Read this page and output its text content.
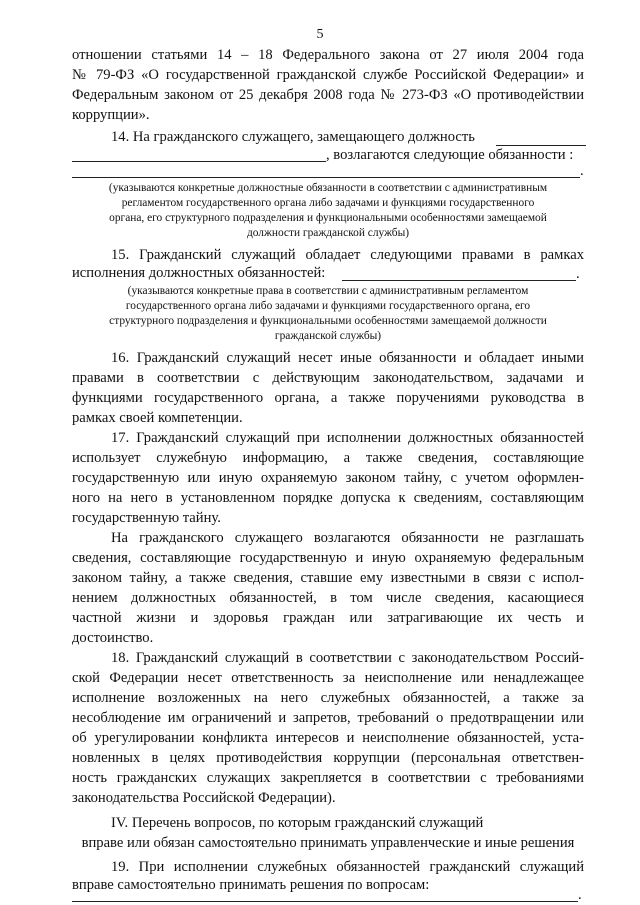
5
отношении статьями 14 – 18 Федерального закона от 27 июля 2004 года
№ 79-ФЗ «О государственной гражданской службе Российской Федерации» и
Федеральным законом от 25 декабря 2008 года № 273-ФЗ «О противодействии
коррупции».
14. На гражданского служащего, замещающего должность
, возлагаются следующие обязанности :
.
(указываются конкретные должностные обязанности в соответствии с административным
регламентом государственного органа либо задачами и функциями государственного
органа, его структурного подразделения и функциональными особенностями замещаемой
должности гражданской службы)
15. Гражданский служащий обладает следующими правами в рамках
исполнения должностных обязанностей:	.
(указываются конкретные права в соответствии с административным регламентом
государственного органа либо задачами и функциями государственного органа, его
структурного подразделения и функциональными особенностями замещаемой должности
гражданской службы)
16. Гражданский служащий несет иные обязанности и обладает иными
правами в соответствии с действующим законодательством, задачами и
функциями государственного органа, а также поручениями руководства в
рамках своей компетенции.
17. Гражданский служащий при исполнении должностных обязанностей
использует служебную информацию, а также сведения, составляющие
государственную или иную охраняемую законом тайну, с учетом оформлен-
ного на него в установленном порядке допуска к сведениям, составляющим
государственную тайну.
На гражданского служащего возлагаются обязанности не разглашать
сведения, составляющие государственную и иную охраняемую федеральным
законом тайну, а также сведения, ставшие ему известными в связи с испол-
нением должностных обязанностей, в том числе сведения, касающиеся
частной жизни и здоровья граждан или затрагивающие их честь и
достоинство.
18. Гражданский служащий в соответствии с законодательством Россий-
ской Федерации несет ответственность за неисполнение или ненадлежащее
исполнение возложенных на него служебных обязанностей, а также за
несоблюдение им ограничений и запретов, требований о предотвращении или
об урегулировании конфликта интересов и неисполнение обязанностей, уста-
новленных в целях противодействия коррупции (персональная ответствен-
ность гражданских служащих закрепляется в соответствии с требованиями
законодательства Российской Федерации).
IV. Перечень вопросов, по которым гражданский служащий
вправе или обязан самостоятельно принимать управленческие и иные решения
19. При исполнении служебных обязанностей гражданский служащий
вправе самостоятельно принимать решения по вопросам:
.
